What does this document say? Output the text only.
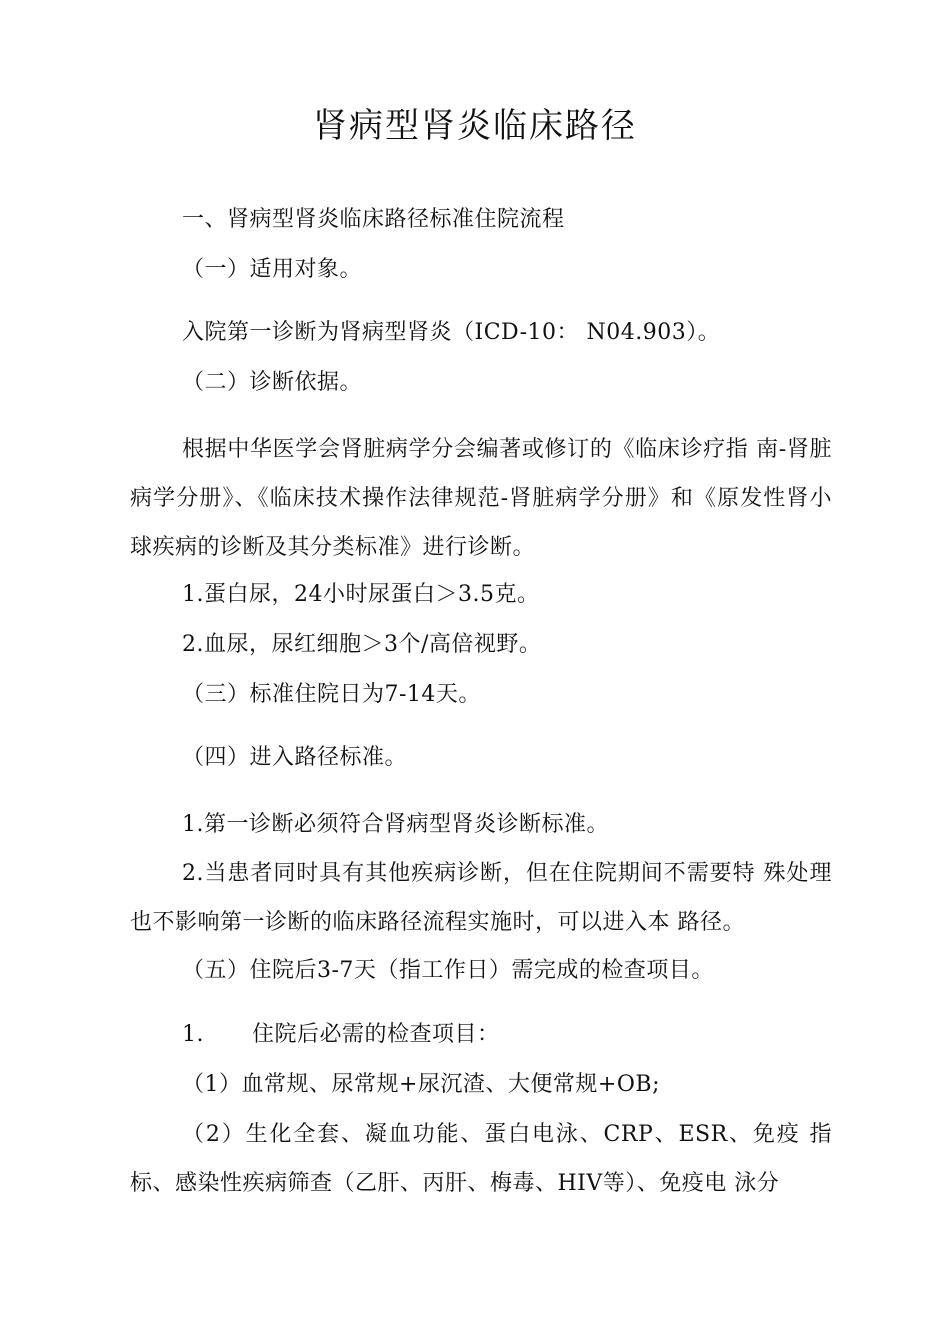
肾病型肾炎临床路径
一、肾病型肾炎临床路径标准住院流程
（一）适用对象。
入院第一诊断为肾病型肾炎（ICD-10： N04.903）。
（二）诊断依据。
根据中华医学会肾脏病学分会编著或修订的《临床诊疗指 南-肾脏病学分册》、《临床技术操作法律规范-肾脏病学分册》和《原发性肾小球疾病的诊断及其分类标准》进行诊断。
1.蛋白尿，24小时尿蛋白＞3.5克。
2.血尿，尿红细胞＞3个/高倍视野。
（三）标准住院日为7-14天。
（四）进入路径标准。
1.第一诊断必须符合肾病型肾炎诊断标准。
2.当患者同时具有其他疾病诊断，但在住院期间不需要特 殊处理也不影响第一诊断的临床路径流程实施时，可以进入本 路径。
（五）住院后3-7天（指工作日）需完成的检查项目。
1. 住院后必需的检查项目：
（1）血常规、尿常规+尿沉渣、大便常规+OB;
（2）生化全套、凝血功能、蛋白电泳、CRP、ESR、免疫 指标、感染性疾病筛查（乙肝、丙肝、梅毒、HIV等）、免疫电 泳分
